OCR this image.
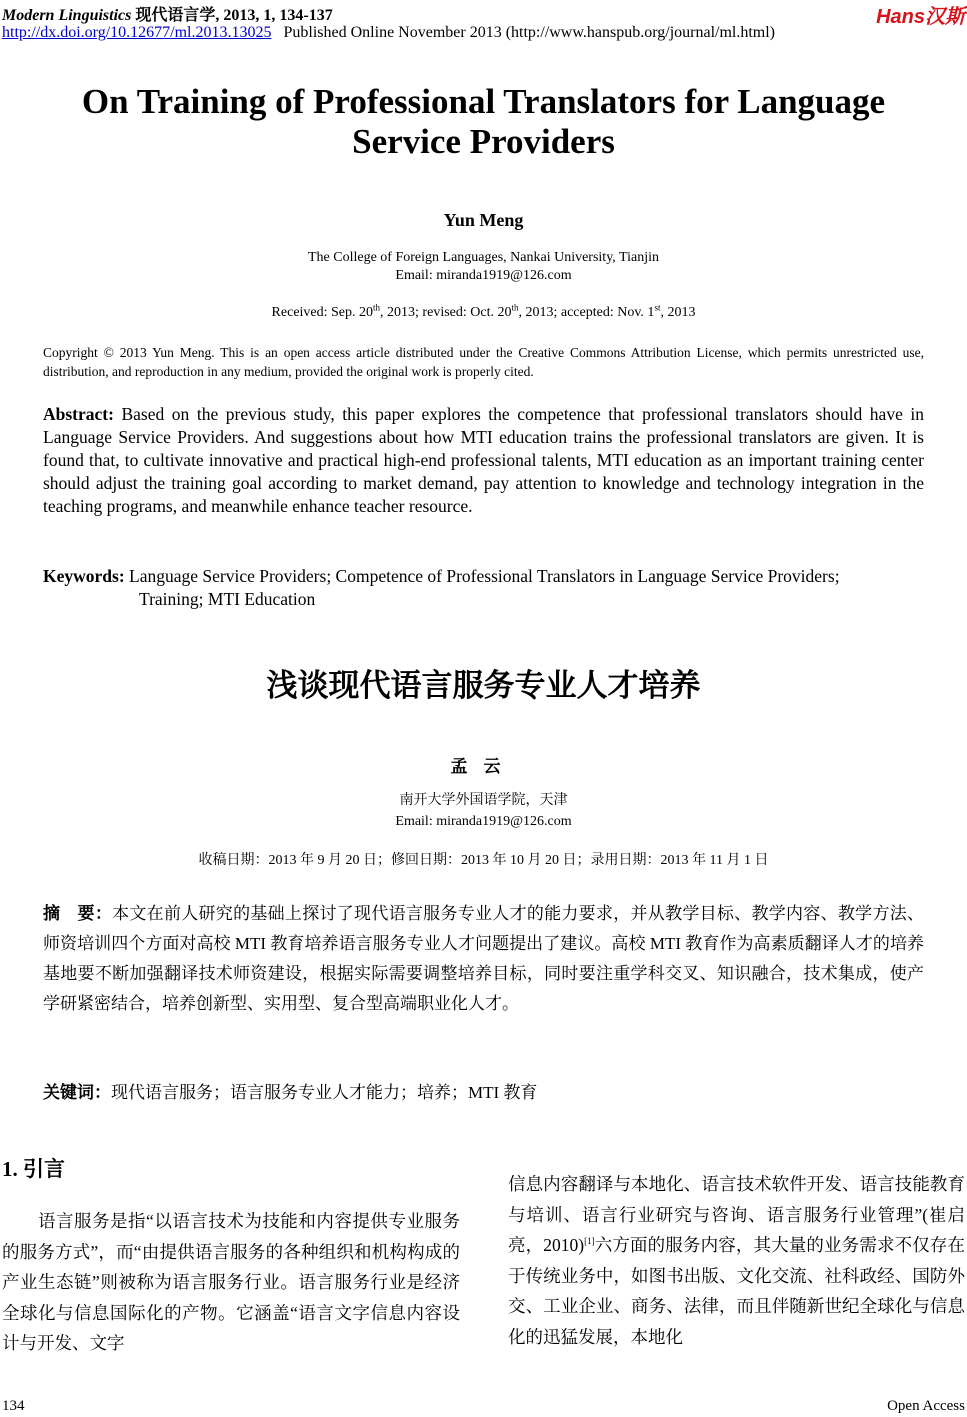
Modern Linguistics 现代语言学, 2013, 1, 134-137
http://dx.doi.org/10.12677/ml.2013.13025 Published Online November 2013 (http://www.hanspub.org/journal/ml.html)
Hans汉斯
On Training of Professional Translators for Language
Service Providers
Yun Meng
The College of Foreign Languages, Nankai University, Tianjin
Email: miranda1919@126.com
Received: Sep. 20th, 2013; revised: Oct. 20th, 2013; accepted: Nov. 1st, 2013
Copyright © 2013 Yun Meng. This is an open access article distributed under the Creative Commons Attribution License, which permits unrestricted use, distribution, and reproduction in any medium, provided the original work is properly cited.
Abstract: Based on the previous study, this paper explores the competence that professional translators should have in Language Service Providers. And suggestions about how MTI education trains the professional translators are given. It is found that, to cultivate innovative and practical high-end professional talents, MTI education as an important training center should adjust the training goal according to market demand, pay attention to knowledge and technology integration in the teaching programs, and meanwhile enhance teacher resource.
Keywords: Language Service Providers; Competence of Professional Translators in Language Service Providers;
Training; MTI Education
浅谈现代语言服务专业人才培养
孟云
南开大学外国语学院，天津
Email: miranda1919@126.com
收稿日期：2013 年 9 月 20 日；修回日期：2013 年 10 月 20 日；录用日期：2013 年 11 月 1 日
摘　要：本文在前人研究的基础上探讨了现代语言服务专业人才的能力要求，并从教学目标、教学内容、教学方法、师资培训四个方面对高校 MTI 教育培养语言服务专业人才问题提出了建议。高校 MTI 教育作为高素质翻译人才的培养基地要不断加强翻译技术师资建设，根据实际需要调整培养目标，同时要注重学科交叉、知识融合，技术集成，使产学研紧密结合，培养创新型、实用型、复合型高端职业化人才。
关键词：现代语言服务；语言服务专业人才能力；培养；MTI 教育
1. 引言
语言服务是指“以语言技术为技能和内容提供专业服务的服务方式”，而“由提供语言服务的各种组织和机构构成的产业生态链”则被称为语言服务行业。语言服务行业是经济全球化与信息国际化的产物。它涵盖“语言文字信息内容设计与开发、文字
信息内容翻译与本地化、语言技术软件开发、语言技能教育与培训、语言行业研究与咨询、语言服务行业管理”(崔启亮，2010)[1]六方面的服务内容，其大量的业务需求不仅存在于传统业务中，如图书出版、文化交流、社科政经、国防外交、工业企业、商务、法律，而且伴随新世纪全球化与信息化的迅猛发展，本地化
134	Open Access
